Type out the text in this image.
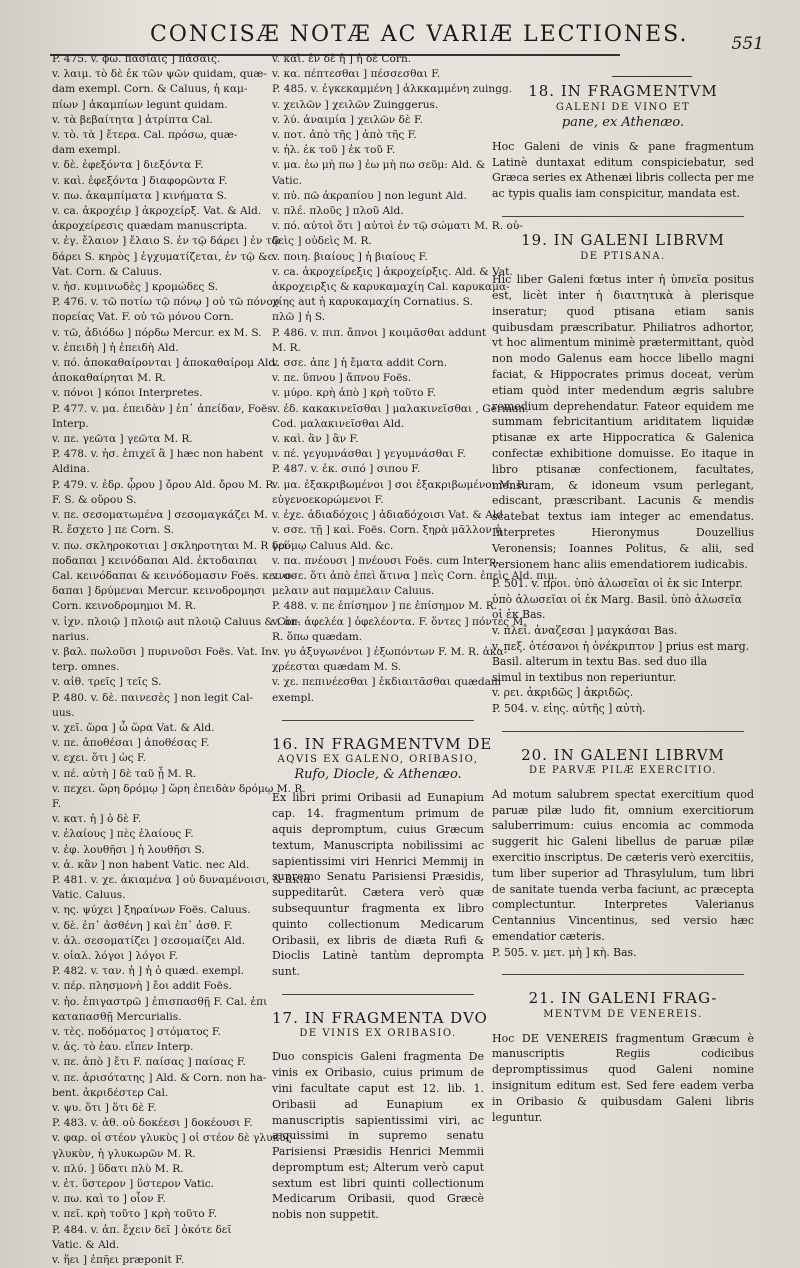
CONCISÆ NOTÆ AC VARIÆ LECTIONES.	551
P. 475. v. ϕω. πασίαις ] πάσαις.
v. λαιμ. τὸ δὲ ἐκ τῶν ψῶν quidam, quæ-
dam exempl. Corn. & Caluus, ἡ καμ-
πίων ] ἀκαμπίων legunt quidam.
v. τὰ βεβαίτητα ] ἀτρίπτα Cal.
v. τὸ. τὰ ] ἔτερα. Cal. πρόσω, quæ-
dam exempl.
v. δὲ. ἐφεξόντα ] διεξόντα F.
v. καὶ. ἐφεξόντα ] διαφορῶντα F.
v. πω. ἀκαμπίματα ] κινήματα S.
v. ca. ἀκροχέιρ ] ἀκροχείρξ. Vat. & Ald.
ἀκροχείρεσις quædam manuscripta.
v. ἐγ. ἔλαιον ] ἔλαιο S. ἐν τῷ δάρει ] ἐν τῷ
δάρει S. κηρὸς ] ἐγχυματίζεται, ἐν τῷ &c.
Vat. Corn. & Caluus.
v. ἡσ. κυμινωδὲς ] κρομώδες S.
P. 476. v. τῶ ποτίω τῷ πόνῳ ] οὐ τῶ πόνου
πορείας Vat. F. οὐ τῶ μόνου Corn.
v. τῶ, ἀδιόδω ] πόρδω Mercur. ex M. S.
v. ἐπειδὴ ] ἡ ἐπειδὴ Ald.
v. πό. ἀποκαθαίρονται ] ἀποκαθαίρομ Ald.
ἀποκαθαίρηται M. R.
v. πόνοι ] κόποι Interpretes.
P. 477. v. μα. ἐπειδὰν ] ἐπ᾽ ἀπείδαν, Foës.
Interp.
v. πε. γεῶτα ] γεῶτα M. R.
P. 478. v. ἡσ. ἐπιχεῖ ἃ ] hæc non habent
Aldina.
P. 479. v. ἐδρ. ᾧρου ] ὄρου Ald. ὄρου M. R.
F. S. & οὔρου S.
v. πε. σεσοματωμένα ] σεσομαγκάζει M.
R. ἔσχετο ] πε Corn. S.
v. πω. σκληροκοτιαι ] σκληροτηται M. R γεί-
ποδαπαι ] κεινόδαπαι Ald. ἐκτοδαιπαι
Cal. κεινόδαπαι & κεινόδομασιν Foës. κεινο-
δαπαι ] δρύμεναι Mercur. κεινοδρομησι
Corn. κεινοδρομημοι M. R.
v. ἰχν. πλοιῷ ] πλοιῷ aut πλοιῷ Caluus & Cor-
narius.
v. βαλ. πωλοῦσι ] πυρινοῦσι Foës. Vat. In-
terp. omnes.
v. αἰθ. τρεῖς ] τεῖς S.
P. 480. v. δὲ. παινεσὲς ] non legit Cal-
uus.
v. χεῖ. ὥρα ] ὧ ὥρα Vat. & Ald.
v. πε. ἀποθέσαι ] ἀποθέσας F.
v. εχει. ὅτι ] ὡς F.
v. πέ. αὐτὴ ] δὲ ταῦ ᾗ M. R.
v. πεχει. ὥρη δρόμῳ ] ὥρη ἐπειδὰν δρόμῳ M. R.
F.
v. κατ. ἡ ] ὁ δὲ F.
v. ἐλαίους ] πὲς ἐλαίους F.
v. ἐφ. λουθῆσι ] ἡ λουθῆσι S.
v. ἀ. κἂν ] non habent Vatic. nec Ald.
P. 481. v. χε. ἀκιαμένα ] οὐ δυναμένοισι, & ἀκια
Vatic. Caluus.
v. ης. ψύχει ] ξηραίνων Foës. Caluus.
v. δὲ. ἐπ᾽ ἀσθένη ] καὶ ἐπ᾽ ἀσθ. F.
v. ἀλ. σεσοματίζει ] σεσομαίζει Ald.
v. οἱαλ. λόγοι ] λόγοι F.
P. 482. v. ταν. ἡ ] ἡ ὁ quæd. exempl.
v. πέρ. πλησμονὴ ] ἔοι addit Foës.
v. ἡο. ἐπιγαστρῶ ] ἐπισπασθῇ F. Cal. ἐπι
καταπασθῇ Mercurialis.
v. τὲς. ποδόματος ] στόματος F.
v. ἀς. τὸ ἑαυ. εἴπεν Interp.
v. πε. ἀπὸ ] ἔτι F. παίσας ] παίσας F.
v. πε. ἀρισότατης ] Ald. & Corn. non ha-
bent. ἀκριδέστερ Cal.
v. ψυ. ὅτι ] ὅτι δὲ F.
P. 483. v. ἀθ. οὐ δοκέεσι ] δοκέουσι F.
v. φαρ. οἱ στέον γλυκὺς ] οἱ στέον δὲ γλυκὺς
γλυκὺν, ἡ γλυκωρῶν M. R.
v. πλύ. ] ὕδατι πλὺ M. R.
v. ἐτ. ὕστερον ] ὕστερον Vatic.
v. πω. καὶ το ] οἶον F.
v. πεῖ. κρὴ τοῦτο ] κρὴ τοῦτο F.
P. 484. v. ἀπ. ἔχειν δεῖ ] ὀκότε δεῖ
Vatic. & Ald.
v. ἥει ] ἐπῆει præponit F.
v. καὶ. ἐν δὲ ἡ ] ἡ δὲ Corn.
v. κα. πέπτεσθαι ] πέσσεσθαι F.
P. 485. v. ἐγκεκαμμένη ] ἀλκκαμμένη zuingg.
v. χειλῶν ] χειλῶν Zuinggerus.
v. λύ. ἀναιμία ] χειλῶν δὲ F.
v. ποτ. ἀπὸ τῆς ] ἀπὸ τῆς F.
v. ἡλ. ἐκ τοῦ ] ἐκ τοῦ F.
v. μα. ἐω μὴ πω ] ἐω μὴ πω σεῦμ: Ald. &
Vatic.
v. πὐ. πῶ ἀκραπίου ] non legunt Ald.
v. πλέ. πλοῦς ] πλοῦ Ald.
v. πό. αὐτοὶ ὅτι ] αὐτοὶ ἐν τῷ σώματι M. R. οὐ-
δεὶς ] οὐδεὶς M. R.
v. ποιη. βιαίους ] ἡ βιαίους F.
v. ca. ἀκροχείρεξις ] ἀκροχείρξις. Ald. & Vat.
ἀκροχειρξις & καρυκαμαχίη Cal. καρυκαμα-
χίης aut ἡ καρυκαμαχίη Cornatius. S.
πλῶ ] ἡ S.
P. 486. v. πιπ. ἄπνοι ] κοιμᾶσθαι addunt
M. R.
v. σσε. ἀπε ] ἡ ἔματα addit Corn.
v. πε. ὕπνου ] ἄπνου Foës.
v. μύρο. κρὴ ἀπὸ ] κρὴ τοῦτο F.
v. ἐδ. κακακινεῖσθαι ] μαλακινεῖσθαι , German.
Cod. μαλακινεῖσθαι Ald.
v. καὶ. ἂν ] ἂν F.
v. πέ. γεγυμνάσθαι ] γεγυμνάσθαι F.
P. 487. v. ἐκ. σιπό ] σιπου F.
v. μα. ἐξακριβωμένοι ] σοι ἐξακριβωμένοι M. R.
εὐγενοεκορώμενοι F.
v. ἐχε. ἀδιαδόχοις ] ἀδιαδόχοισι Vat. & Ald.
v. σσε. τῇ ] καὶ. Foës. Corn. ξηρὰ μᾶλλον ἡ
δρόμῳ Caluus Ald. &c.
v. πα. πνέουσι ] πνέουσι Foës. cum Interp.
v. σσε. ὅτι ἀπὸ ἐπεὶ ἅτινα ] πεὶς Corn. ἐπεὶς Ald. πιμ.
μελαιν aut παμμελαιν Caluus.
P. 488. v. πε ἐπίσημον ] πε ἐπίσημον M. R.
v. ἀπ. ἀφελέα ] ὀφελέοντα. F. ὅντες ] πόντες M.
R. ὅπω quædam.
v. γυ ἀξυγωνένοι ] ἐξωπόντων F. M. R. ἀκα-
χρέεσται quædam M. S.
v. χε. πεπινέεσθαι ] ἐκδιαιτᾶσθαι quædam
exempl.
16. IN FRAGMENTVM DE
AQVIS EX GALENO, ORIBASIO,
Rufo, Diocle, & Athenæo.
Ex libri primi Oribasii ad Eunapium cap. 14. fragmentum primum de aquis depromptum, cuius Græcum textum, Manuscripta nobilissimi ac sapientissimi viri Henrici Memmij in supremo Senatu Parisiensi Præsidis, suppeditarût. Cætera verò quæ subsequuntur fragmenta ex libro quinto collectionum Medicarum Oribasii, ex libris de diæta Rufi & Dioclis Latinè tantùm deprompta sunt.
17. IN FRAGMENTA DVO
DE VINIS EX ORIBASIO.
Duo conspicis Galeni fragmenta De vinis ex Oribasio, cuius primum de vini facultate caput est 12. lib. 1. Oribasii ad Eunapium ex manuscriptis sapientissimi viri, ac æquissimi in supremo senatu Parisiensi Præsidis Henrici Memmii depromptum est; Alterum verò caput sextum est libri quinti collectionum Medicarum Oribasii, quod Græcè nobis non suppetit.
18. IN FRAGMENTVM
GALENI DE VINO ET
pane, ex Athenæo.
Hoc Galeni de vinis & pane fragmentum Latinè duntaxat editum conspiciebatur, sed Græca series ex Athenæi libris collecta per me ac typis qualis iam conspicitur, mandata est.
19. IN GALENI LIBRVM
DE PTISANA.
Hic liber Galeni fœtus inter ἡ ὑπνεῖα positus est, licèt inter ἡ διαιτητικὰ à plerisque inseratur; quod ptisana etiam sanis quibusdam præscribatur. Philiatros adhortor, vt hoc alimentum minimè prætermittant, quòd non modo Galenus eam hocce libello magni faciat, & Hippocrates primus doceat, verùm etiam quòd inter medendum ægris salubre remedium deprehendatur. Fateor equidem me summam febricitantium ariditatem liquidæ ptisanæ ex arte Hippocratica & Galenica confectæ exhibitione domuisse. Eo itaque in libro ptisanæ confectionem, facultates, mensuram, & idoneum vsum perlegant, ediscant, præscribant. Lacunis & mendis scatebat textus iam integer ac emendatus. Interpretes Hieronymus Douzellius Veronensis; Ioannes Politus, & alii, sed versionem hanc aliis emendatiorem iudicabis.
P. 501. v. προι. ὑπὸ ἀλωσεῖαι οἱ ἐκ sic Interpr.
ὑπὸ ἀλωσεῖαι οἱ ἐκ Marg. Basil. ὑπὸ ἀλωσεῖα
οἱ ἐκ Bas.
v. πλεῖ. ἀναζεσαι ] μαγκάσαι Bas.
v. πεξ. ὁτέσανοι ἡ ὁνέκριπτον ] prius est marg.
Basil. alterum in textu Bas. sed duo illa
simul in textibus non reperiuntur.
v. ρει. ἀκριδῶς ] ἀκριδῶς.
P. 504. v. εἰης. αὐτῆς ] αὐτὴ.
20. IN GALENI LIBRVM
DE PARVÆ PILÆ EXERCITIO.
Ad motum salubrem spectat exercitium quod paruæ pilæ ludo fit, omnium exercitiorum saluberrimum: cuius encomia ac commoda suggerit hic Galeni libellus de paruæ pilæ exercitio inscriptus. De cæteris verò exercitiis, tum liber superior ad Thrasylulum, tum libri de sanitate tuenda verba faciunt, ac præcepta complectuntur. Interpretes Valerianus Centannius Vincentinus, sed versio hæc emendatior cæteris.
P. 505. v. μετ. μὴ ] κὴ. Bas.
21. IN GALENI FRAG-
MENTVM DE VENEREIS.
Hoc DE VENEREIS fragmentum Græcum è manuscriptis Regiis codicibus depromptissimus quod Galeni nomine insignitum editum est. Sed fere eadem verba in Oribasio & quibusdam Galeni libris leguntur.
